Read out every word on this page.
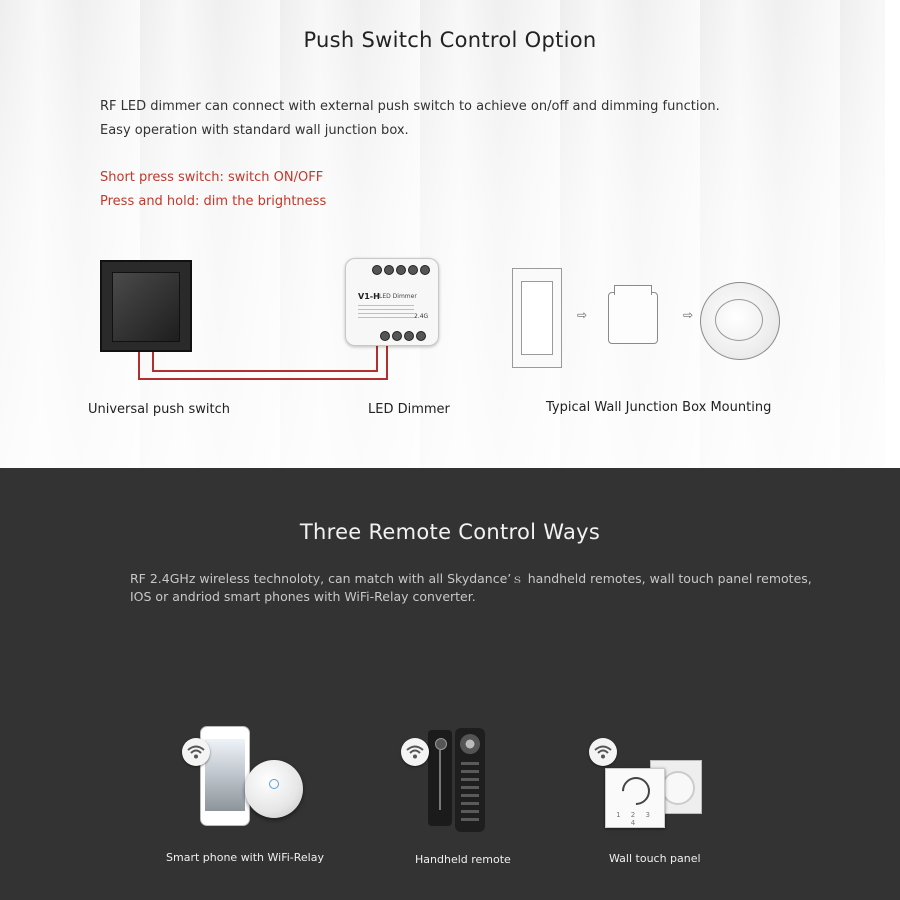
Push Switch Control Option
RF LED dimmer can connect with external push switch to achieve on/off and dimming function.
Easy operation with standard wall junction box.
Short press switch: switch ON/OFF
Press and hold: dim the brightness
V1-H LED Dimmer
2.4G	⇨	⇨
Universal push switch	LED Dimmer	Typical Wall Junction Box Mounting
Three Remote Control Ways
RF 2.4GHz wireless technoloty, can match with all Skydance’ｓ handheld remotes, wall touch panel remotes,
IOS or andriod smart phones with WiFi-Relay converter.
Smart phone with WiFi-Relay	Handheld remote
1 2 3 4
Wall touch panel
